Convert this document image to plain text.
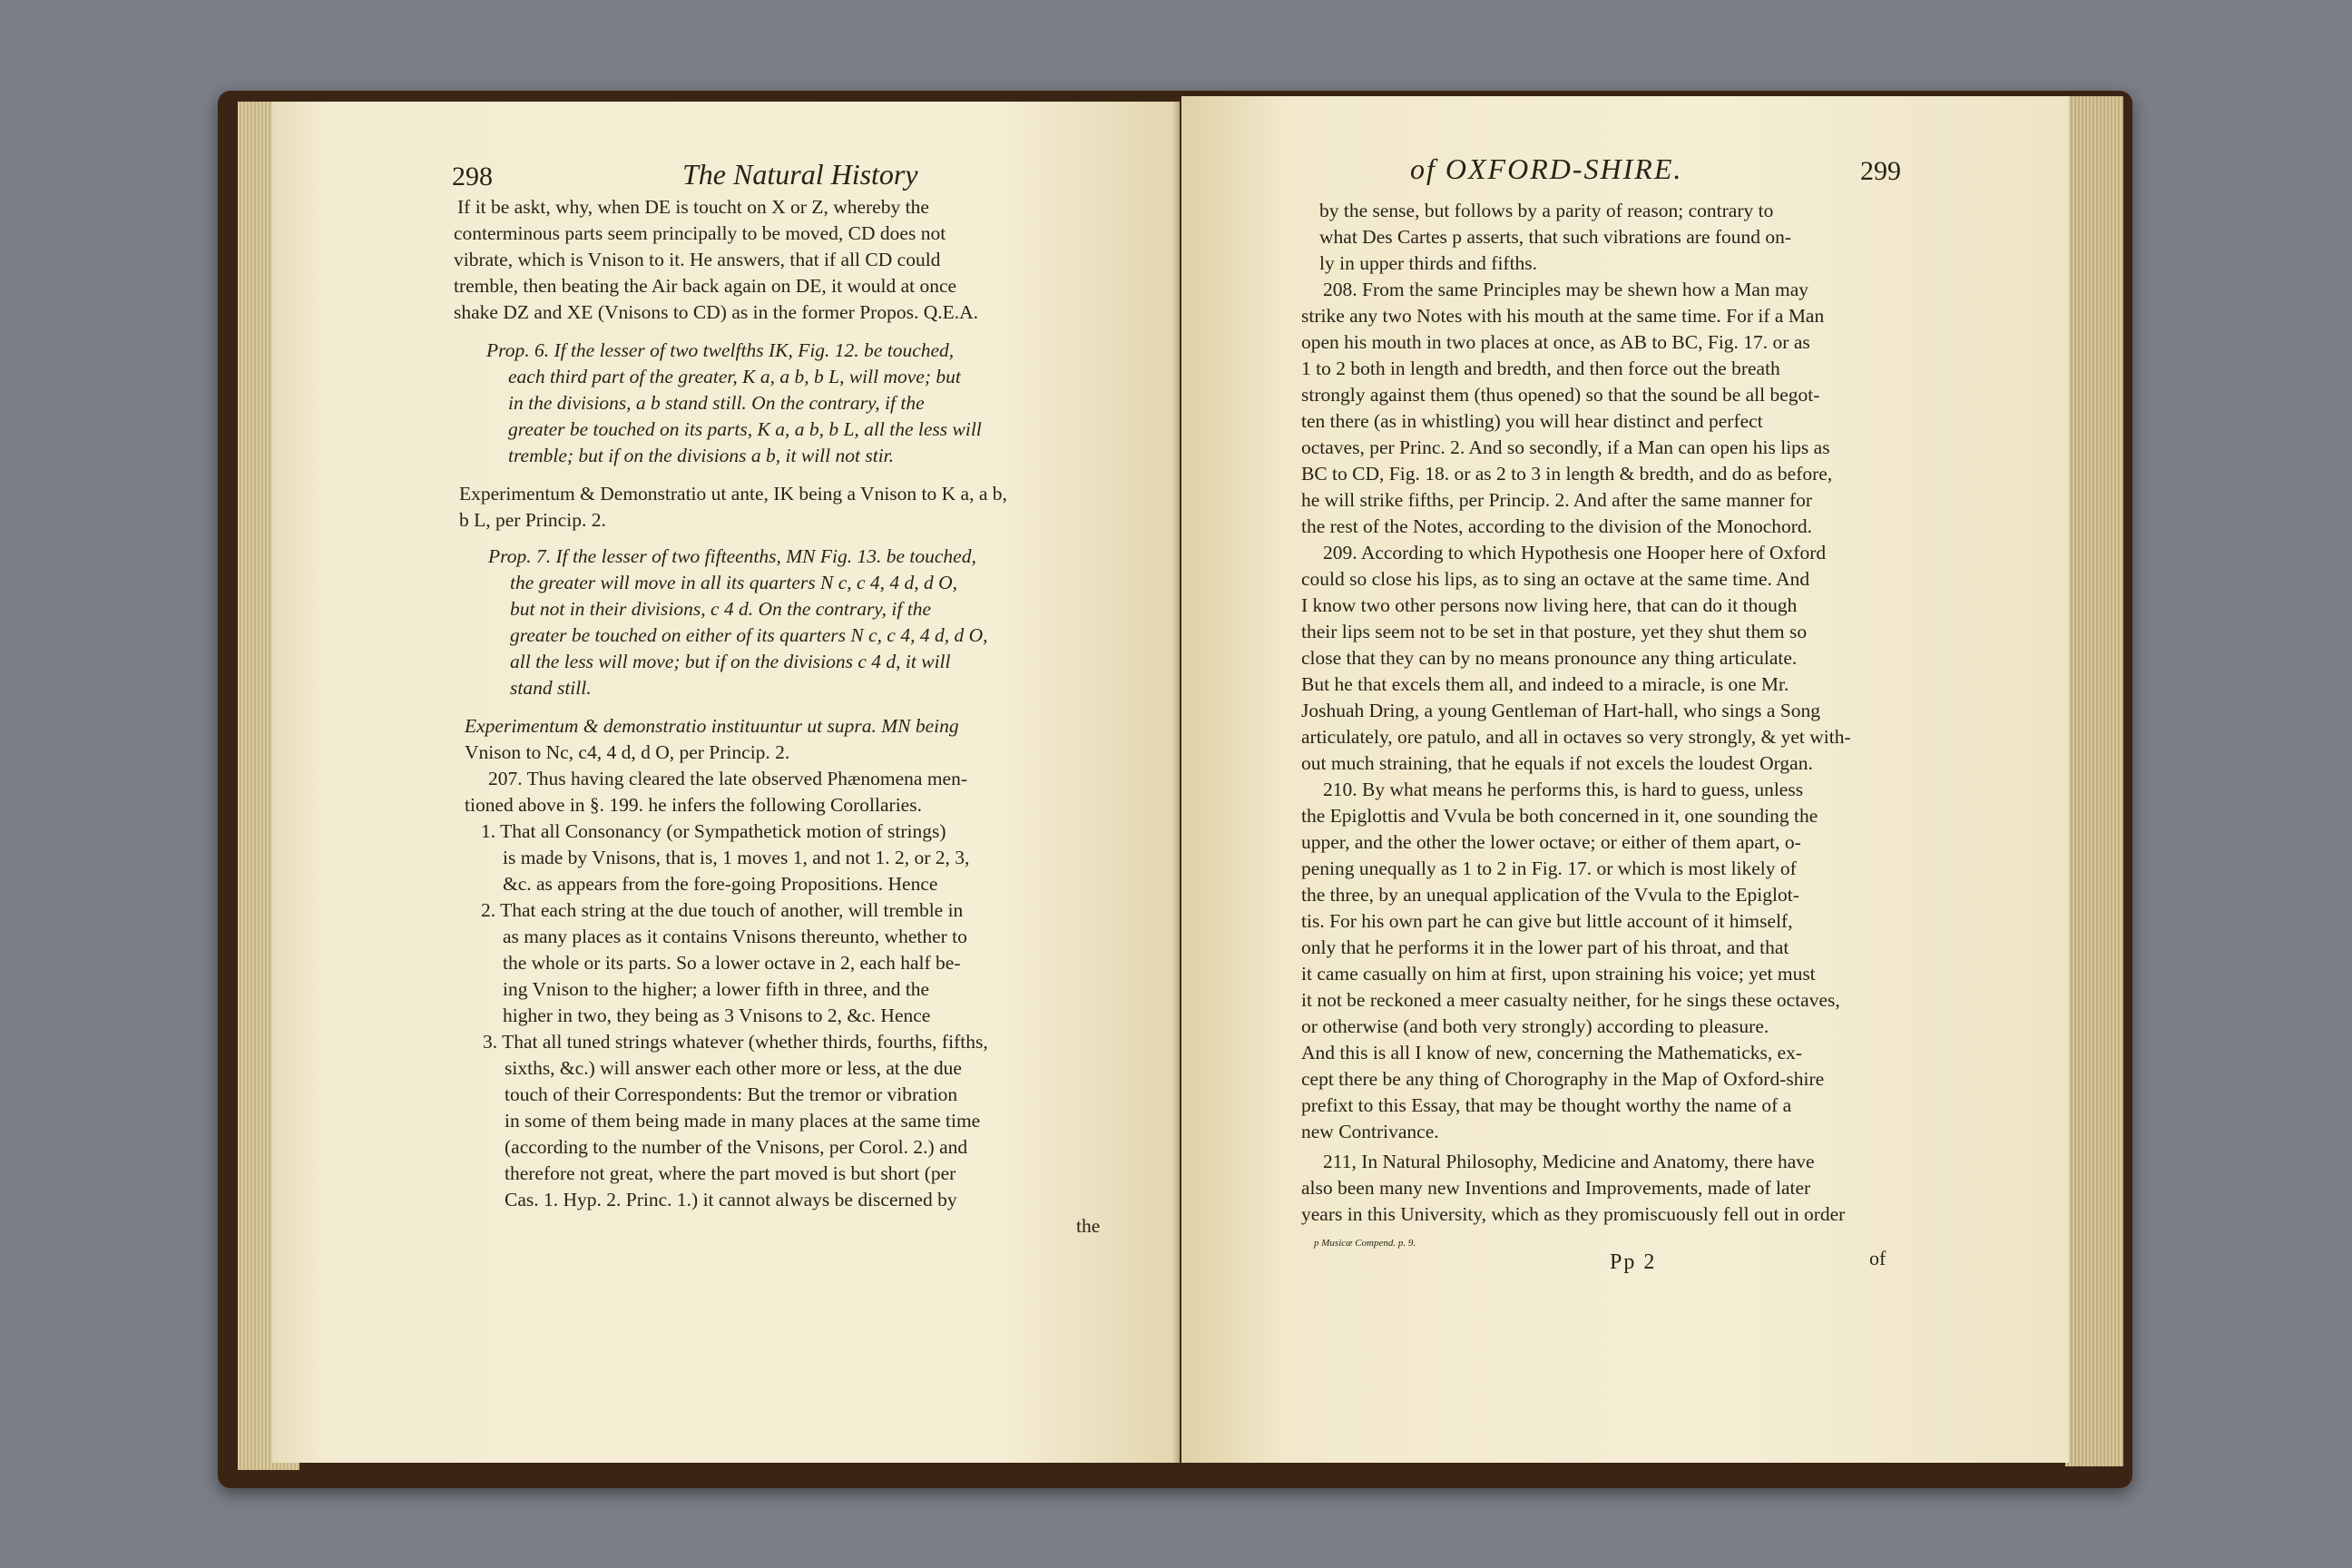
298	The Natural History
If it be askt, why, when DE is toucht on X or Z, whereby the
conterminous parts seem principally to be moved, CD does not
vibrate, which is Vnison to it. He answers, that if all CD could
tremble, then beating the Air back again on DE, it would at once
shake DZ and XE (Vnisons to CD) as in the former Propos. Q.E.A.
Prop. 6. If the lesser of two twelfths IK, Fig. 12. be touched,
each third part of the greater, K a, a b, b L, will move; but
in the divisions, a b stand still. On the contrary, if the
greater be touched on its parts, K a, a b, b L, all the less will
tremble; but if on the divisions a b, it will not stir.
Experimentum & Demonstratio ut ante, IK being a Vnison to K a, a b,
b L, per Princip. 2.
Prop. 7. If the lesser of two fifteenths, MN Fig. 13. be touched,
the greater will move in all its quarters N c, c 4, 4 d, d O,
but not in their divisions, c 4 d. On the contrary, if the
greater be touched on either of its quarters N c, c 4, 4 d, d O,
all the less will move; but if on the divisions c 4 d, it will
stand still.
Experimentum & demonstratio instituuntur ut supra. MN being
Vnison to Nc, c4, 4 d, d O, per Princip. 2.
207. Thus having cleared the late observed Phænomena men-
tioned above in §. 199. he infers the following Corollaries.
1. That all Consonancy (or Sympathetick motion of strings)
is made by Vnisons, that is, 1 moves 1, and not 1. 2, or 2, 3,
&c. as appears from the fore-going Propositions. Hence
2. That each string at the due touch of another, will tremble in
as many places as it contains Vnisons thereunto, whether to
the whole or its parts. So a lower octave in 2, each half be-
ing Vnison to the higher; a lower fifth in three, and the
higher in two, they being as 3 Vnisons to 2, &c. Hence
3. That all tuned strings whatever (whether thirds, fourths, fifths,
sixths, &c.) will answer each other more or less, at the due
touch of their Correspondents: But the tremor or vibration
in some of them being made in many places at the same time
(according to the number of the Vnisons, per Corol. 2.) and
therefore not great, where the part moved is but short (per
Cas. 1. Hyp. 2. Princ. 1.) it cannot always be discerned by
the
of OXFORD-SHIRE.	299
by the sense, but follows by a parity of reason; contrary to
what Des Cartes p asserts, that such vibrations are found on-
ly in upper thirds and fifths.
208. From the same Principles may be shewn how a Man may
strike any two Notes with his mouth at the same time. For if a Man
open his mouth in two places at once, as AB to BC, Fig. 17. or as
1 to 2 both in length and bredth, and then force out the breath
strongly against them (thus opened) so that the sound be all begot-
ten there (as in whistling) you will hear distinct and perfect
octaves, per Princ. 2. And so secondly, if a Man can open his lips as
BC to CD, Fig. 18. or as 2 to 3 in length & bredth, and do as before,
he will strike fifths, per Princip. 2. And after the same manner for
the rest of the Notes, according to the division of the Monochord.
209. According to which Hypothesis one Hooper here of Oxford
could so close his lips, as to sing an octave at the same time. And
I know two other persons now living here, that can do it though
their lips seem not to be set in that posture, yet they shut them so
close that they can by no means pronounce any thing articulate.
But he that excels them all, and indeed to a miracle, is one Mr.
Joshuah Dring, a young Gentleman of Hart-hall, who sings a Song
articulately, ore patulo, and all in octaves so very strongly, & yet with-
out much straining, that he equals if not excels the loudest Organ.
210. By what means he performs this, is hard to guess, unless
the Epiglottis and Vvula be both concerned in it, one sounding the
upper, and the other the lower octave; or either of them apart, o-
pening unequally as 1 to 2 in Fig. 17. or which is most likely of
the three, by an unequal application of the Vvula to the Epiglot-
tis. For his own part he can give but little account of it himself,
only that he performs it in the lower part of his throat, and that
it came casually on him at first, upon straining his voice; yet must
it not be reckoned a meer casualty neither, for he sings these octaves,
or otherwise (and both very strongly) according to pleasure.
And this is all I know of new, concerning the Mathematicks, ex-
cept there be any thing of Chorography in the Map of Oxford-shire
prefixt to this Essay, that may be thought worthy the name of a
new Contrivance.
211, In Natural Philosophy, Medicine and Anatomy, there have
also been many new Inventions and Improvements, made of later
years in this University, which as they promiscuously fell out in order
p Musicæ Compend. p. 9.
Pp 2	of
